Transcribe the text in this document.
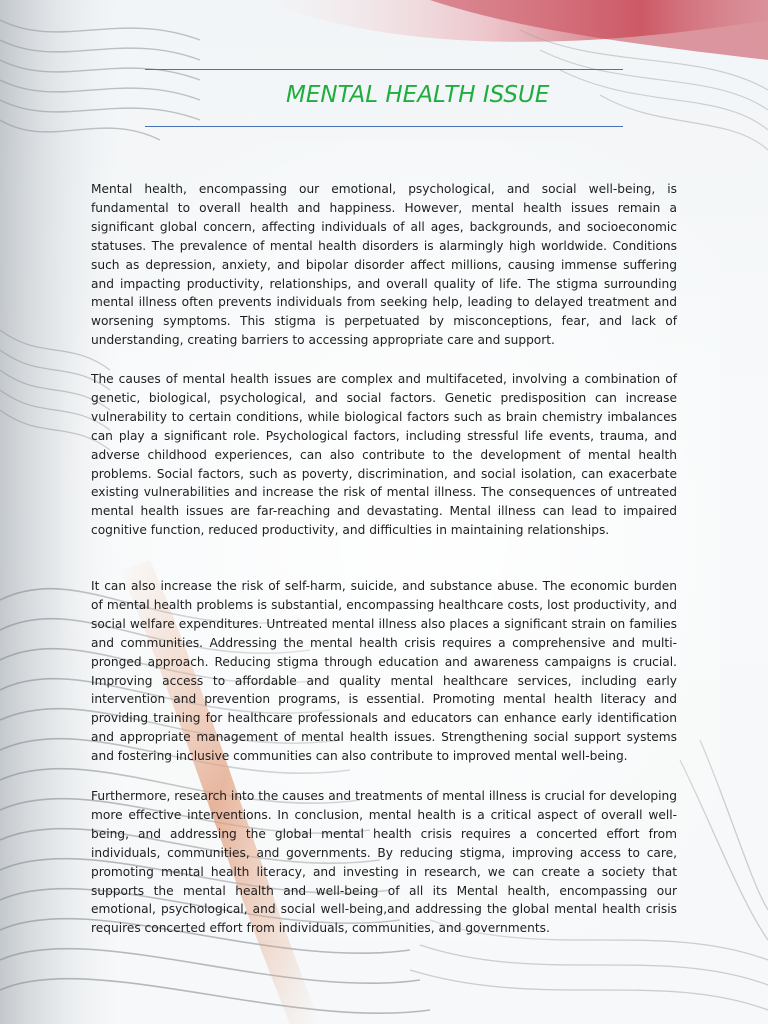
MENTAL HEALTH ISSUE

Mental health, encompassing our emotional, psychological, and social well-being, is fundamental to overall health and happiness. However, mental health issues remain a significant global concern, affecting individuals of all ages, backgrounds, and socioeconomic statuses. The prevalence of mental health disorders is alarmingly high worldwide. Conditions such as depression, anxiety, and bipolar disorder affect millions, causing immense suffering and impacting productivity, relationships, and overall quality of life. The stigma surrounding mental illness often prevents individuals from seeking help, leading to delayed treatment and worsening symptoms. This stigma is perpetuated by misconceptions, fear, and lack of understanding, creating barriers to accessing appropriate care and support.

The causes of mental health issues are complex and multifaceted, involving a combination of genetic, biological, psychological, and social factors. Genetic predisposition can increase vulnerability to certain conditions, while biological factors such as brain chemistry imbalances can play a significant role. Psychological factors, including stressful life events, trauma, and adverse childhood experiences, can also contribute to the development of mental health problems. Social factors, such as poverty, discrimination, and social isolation, can exacerbate existing vulnerabilities and increase the risk of mental illness. The consequences of untreated mental health issues are far-reaching and devastating. Mental illness can lead to impaired cognitive function, reduced productivity, and difficulties in maintaining relationships.

It can also increase the risk of self-harm, suicide, and substance abuse. The economic burden of mental health problems is substantial, encompassing healthcare costs, lost productivity, and social welfare expenditures. Untreated mental illness also places a significant strain on families and communities. Addressing the mental health crisis requires a comprehensive and multi-pronged approach. Reducing stigma through education and awareness campaigns is crucial. Improving access to affordable and quality mental healthcare services, including early intervention and prevention programs, is essential. Promoting mental health literacy and providing training for healthcare professionals and educators can enhance early identification and appropriate management of mental health issues. Strengthening social support systems and fostering inclusive communities can also contribute to improved mental well-being.

Furthermore, research into the causes and treatments of mental illness is crucial for developing more effective interventions. In conclusion, mental health is a critical aspect of overall well-being, and addressing the global mental health crisis requires a concerted effort from individuals, communities, and governments. By reducing stigma, improving access to care, promoting mental health literacy, and investing in research, we can create a society that supports the mental health and well-being of all its Mental health, encompassing our emotional, psychological, and social well-being,and addressing the global mental health crisis requires concerted effort from individuals, communities, and governments.
